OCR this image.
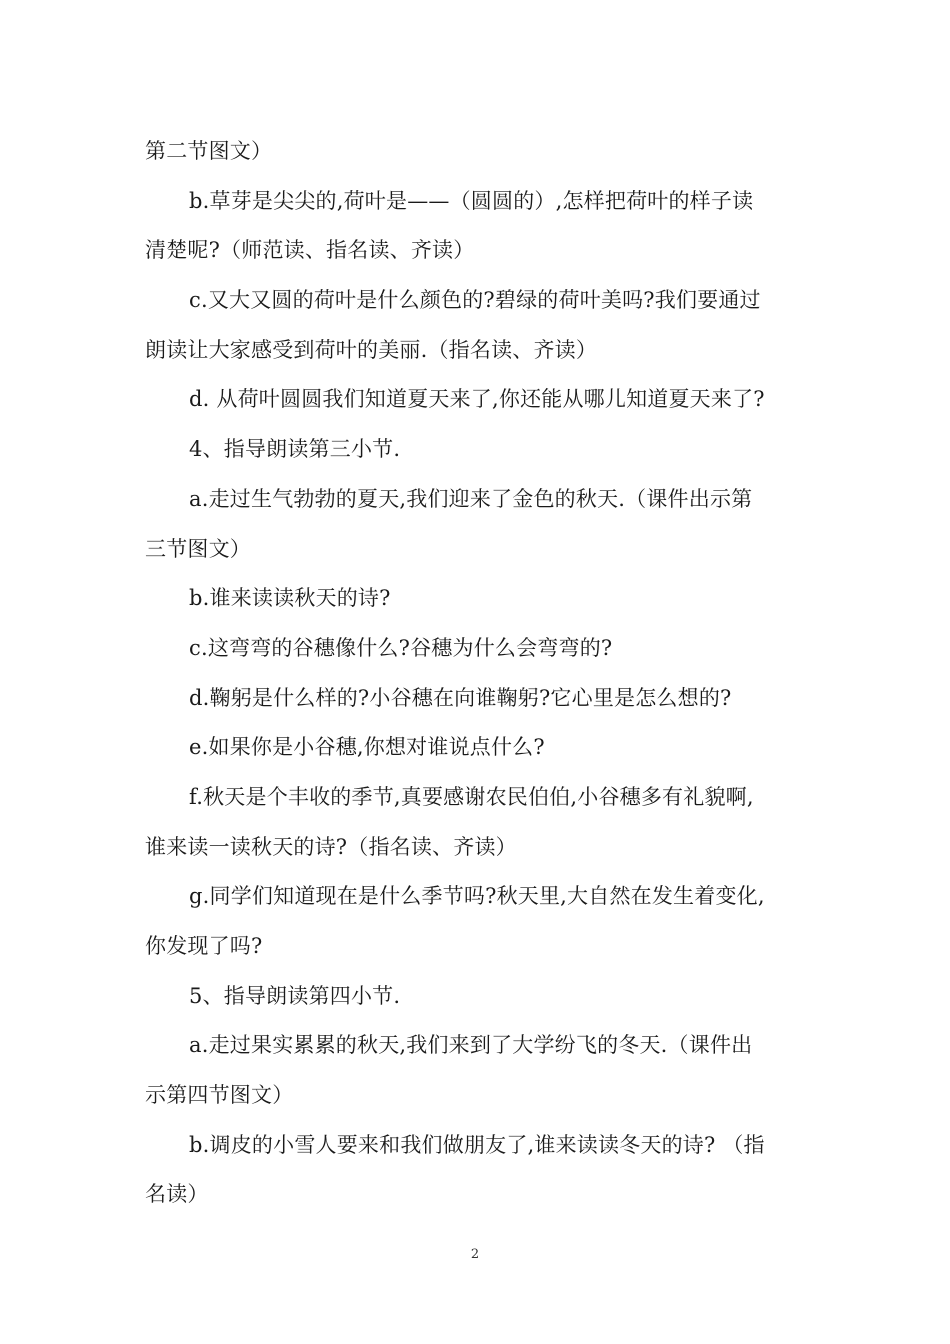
第二节图文）
b.草芽是尖尖的,荷叶是——（圆圆的）,怎样把荷叶的样子读
清楚呢?（师范读、指名读、齐读）
c.又大又圆的荷叶是什么颜色的?碧绿的荷叶美吗?我们要通过
朗读让大家感受到荷叶的美丽.（指名读、齐读）
d. 从荷叶圆圆我们知道夏天来了,你还能从哪儿知道夏天来了?
4、指导朗读第三小节.
a.走过生气勃勃的夏天,我们迎来了金色的秋天.（课件出示第
三节图文）
b.谁来读读秋天的诗?
c.这弯弯的谷穗像什么?谷穗为什么会弯弯的?
d.鞠躬是什么样的?小谷穗在向谁鞠躬?它心里是怎么想的?
e.如果你是小谷穗,你想对谁说点什么?
f.秋天是个丰收的季节,真要感谢农民伯伯,小谷穗多有礼貌啊,
谁来读一读秋天的诗?（指名读、齐读）
g.同学们知道现在是什么季节吗?秋天里,大自然在发生着变化,
你发现了吗?
5、指导朗读第四小节.
a.走过果实累累的秋天,我们来到了大学纷飞的冬天.（课件出
示第四节图文）
b.调皮的小雪人要来和我们做朋友了,谁来读读冬天的诗? （指
名读）
2
